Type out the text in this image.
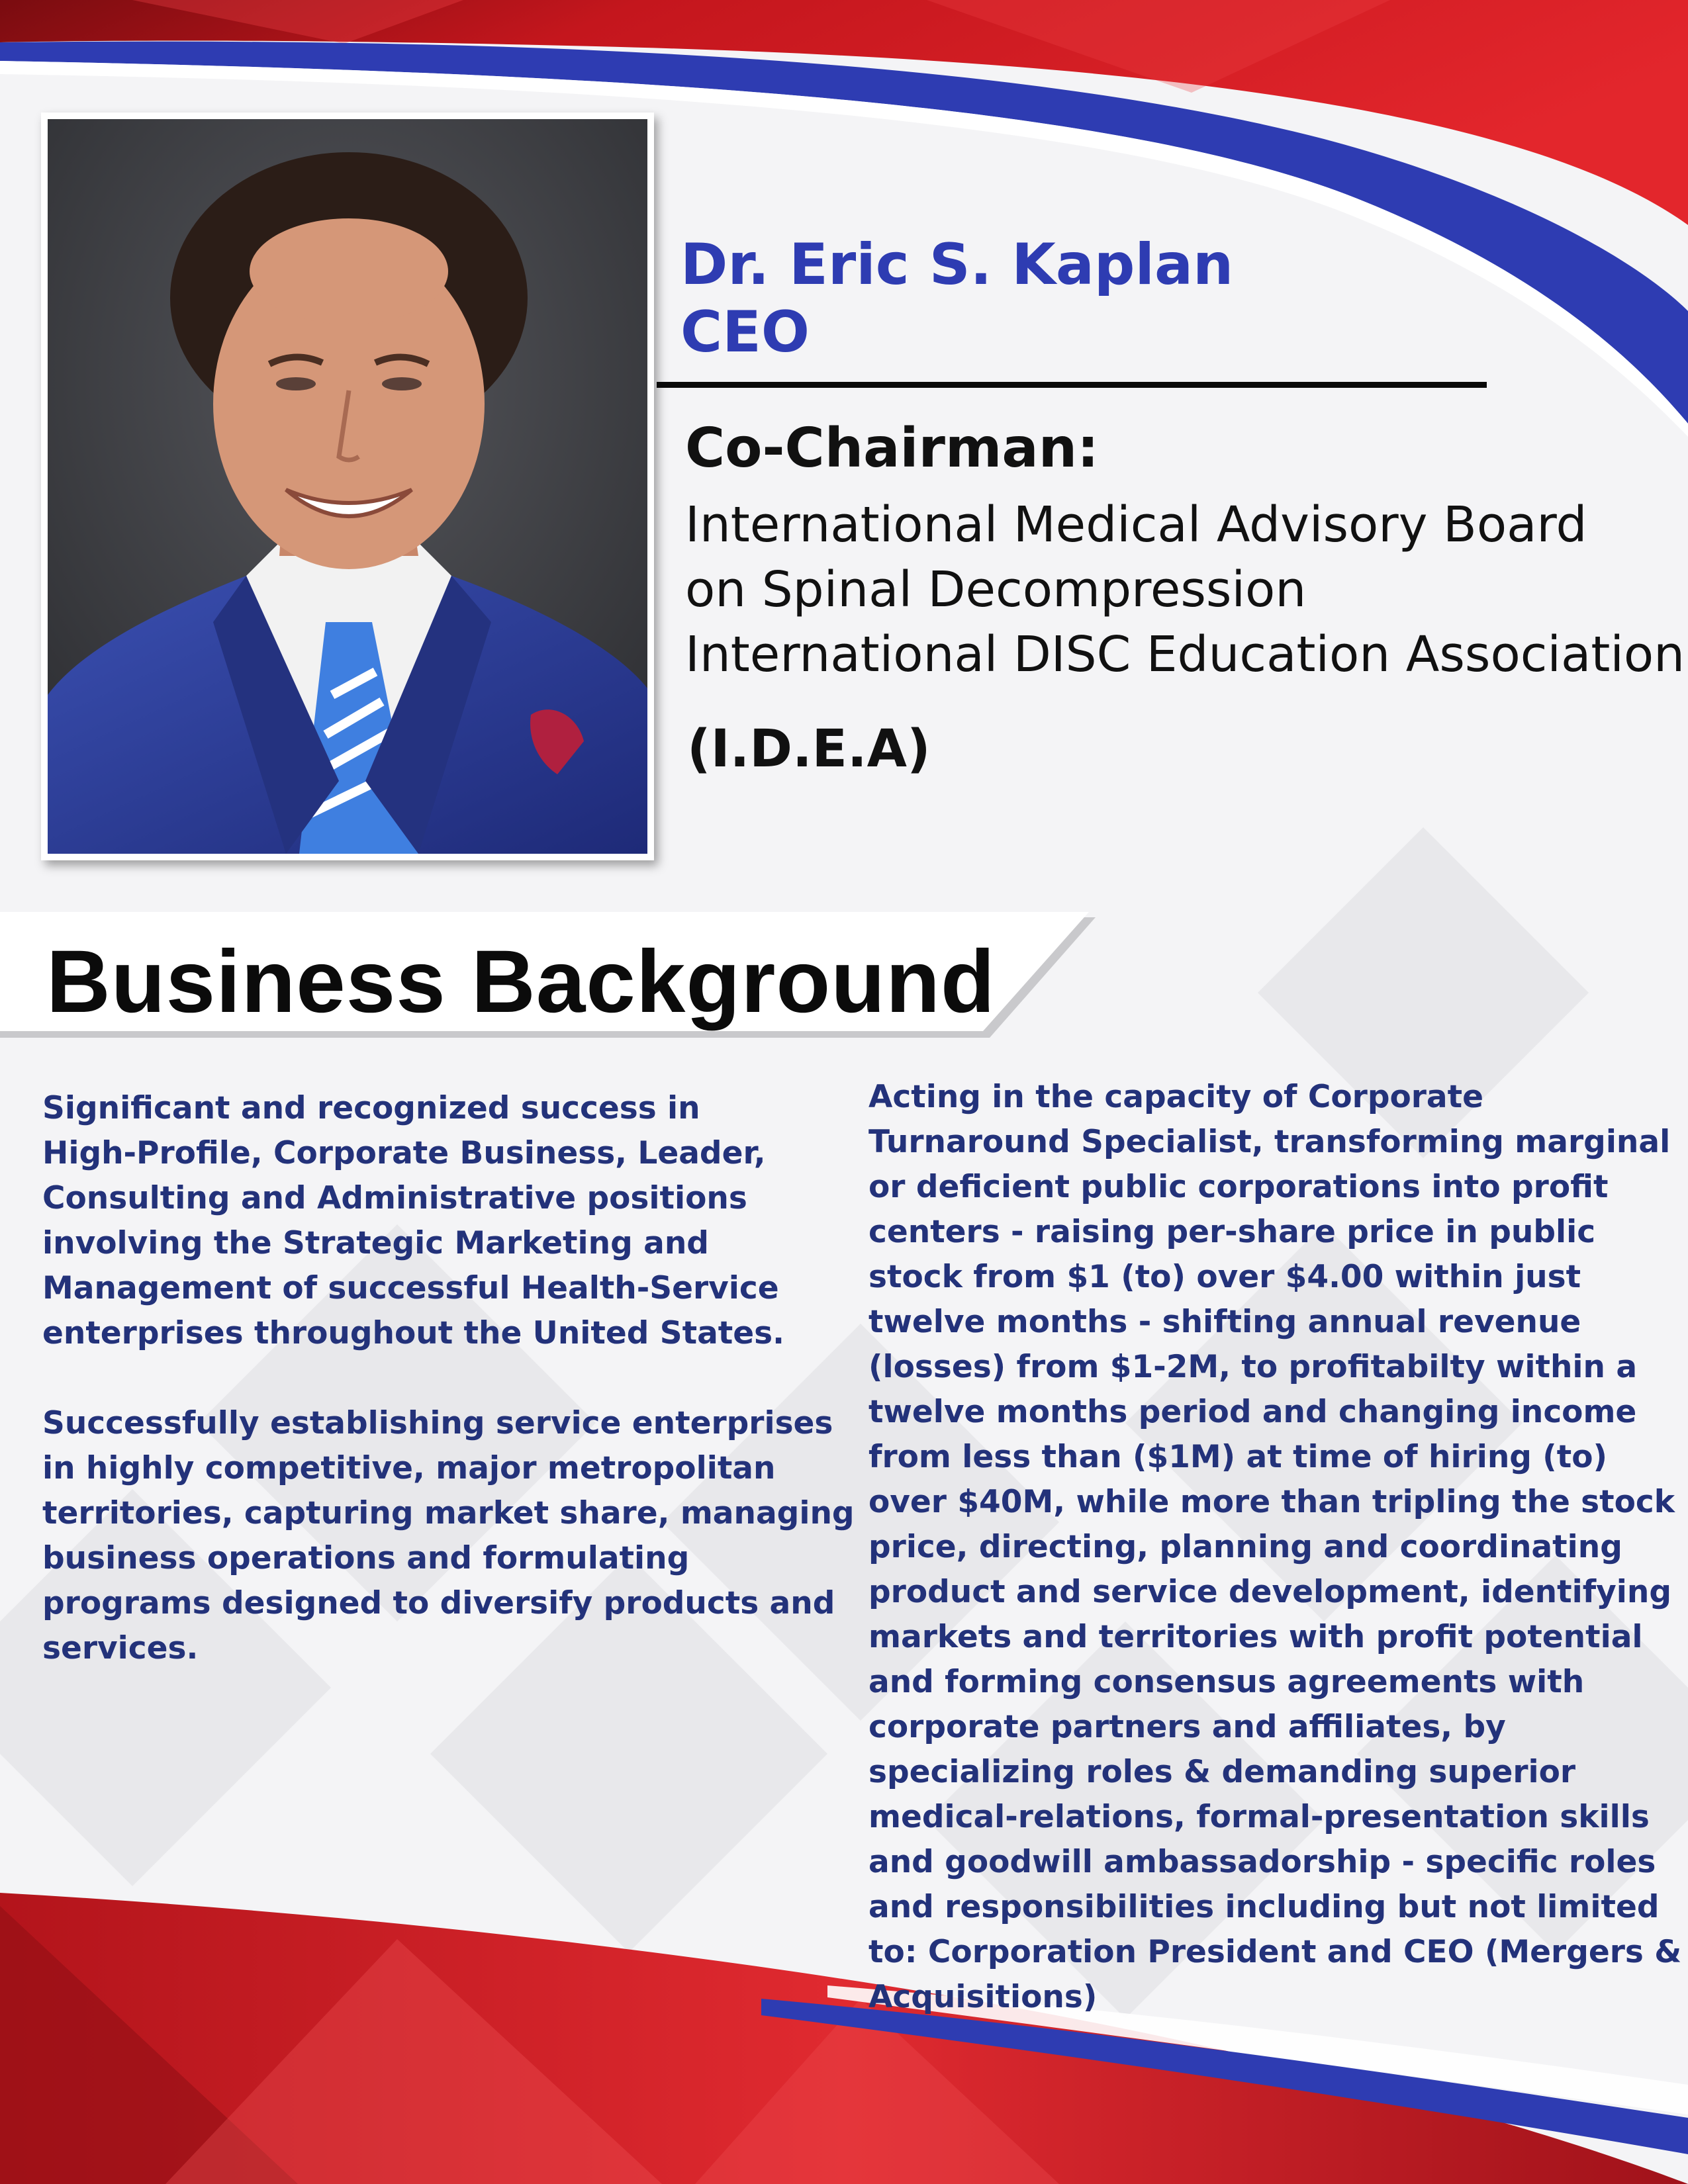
Dr. Eric S. Kaplan
CEO
Co-Chairman:
International Medical Advisory Board
on Spinal Decompression
International DISC Education Association
(I.D.E.A)
Business Background

Significant and recognized success in
High-Profile, Corporate Business, Leader,
Consulting and Administrative positions
involving the Strategic Marketing and
Management of successful Health-Service
enterprises throughout the United States.

Successfully establishing service enterprises
in highly competitive, major metropolitan
territories, capturing market share, managing
business operations and formulating
programs designed to diversify products and
services.

Acting in the capacity of Corporate
Turnaround Specialist, transforming marginal
or deficient public corporations into profit
centers - raising per-share price in public
stock from $1 (to) over $4.00 within just
twelve months - shifting annual revenue
(losses) from $1-2M, to profitabilty within a
twelve months period and changing income
from less than ($1M) at time of hiring (to)
over $40M, while more than tripling the stock
price, directing, planning and coordinating
product and service development, identifying
markets and territories with profit potential
and forming consensus agreements with
corporate partners and affiliates, by
specializing roles & demanding superior
medical-relations, formal-presentation skills
and goodwill ambassadorship - specific roles
and responsibilities including but not limited
to: Corporation President and CEO (Mergers &
Acquisitions)
